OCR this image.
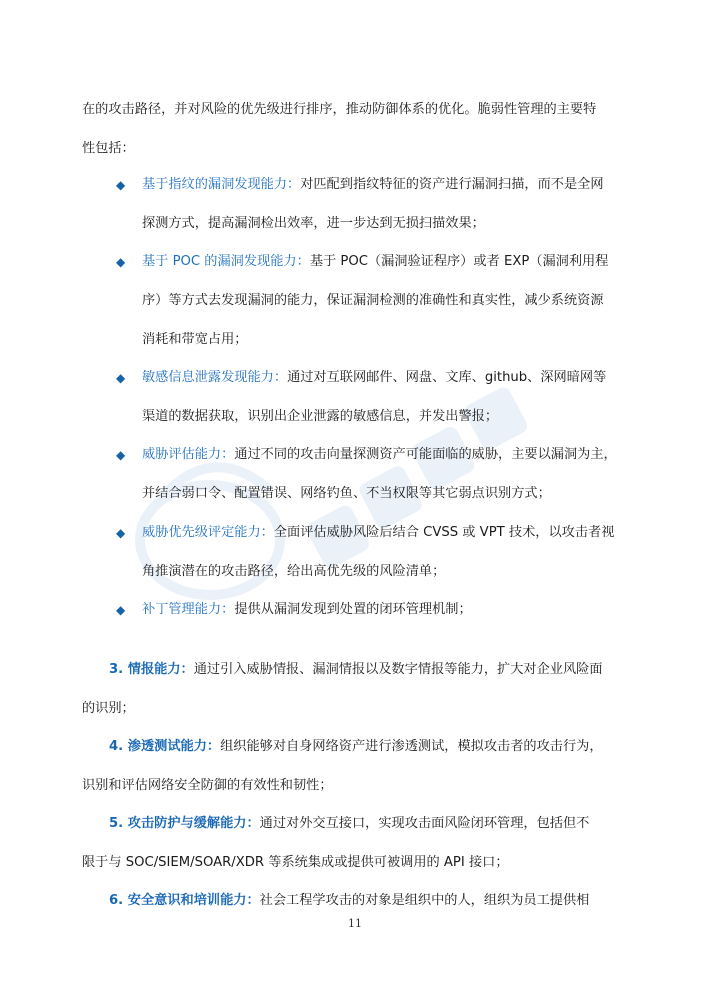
在的攻击路径，并对风险的优先级进行排序，推动防御体系的优化。脆弱性管理的主要特

性包括：

◆ 基于指纹的漏洞发现能力：对匹配到指纹特征的资产进行漏洞扫描，而不是全网

探测方式，提高漏洞检出效率，进一步达到无损扫描效果；

◆ 基于 POC 的漏洞发现能力：基于 POC（漏洞验证程序）或者 EXP（漏洞利用程

序）等方式去发现漏洞的能力，保证漏洞检测的准确性和真实性，减少系统资源

消耗和带宽占用；

◆ 敏感信息泄露发现能力：通过对互联网邮件、网盘、文库、github、深网暗网等

渠道的数据获取，识别出企业泄露的敏感信息，并发出警报；

◆ 威胁评估能力：通过不同的攻击向量探测资产可能面临的威胁，主要以漏洞为主，

并结合弱口令、配置错误、网络钓鱼、不当权限等其它弱点识别方式；

◆ 威胁优先级评定能力：全面评估威胁风险后结合 CVSS 或 VPT 技术，以攻击者视

角推演潜在的攻击路径，给出高优先级的风险清单；

◆ 补丁管理能力：提供从漏洞发现到处置的闭环管理机制；

3. 情报能力：通过引入威胁情报、漏洞情报以及数字情报等能力，扩大对企业风险面

的识别；

4. 渗透测试能力：组织能够对自身网络资产进行渗透测试，模拟攻击者的攻击行为，

识别和评估网络安全防御的有效性和韧性；

5. 攻击防护与缓解能力：通过对外交互接口，实现攻击面风险闭环管理，包括但不

限于与 SOC/SIEM/SOAR/XDR 等系统集成或提供可被调用的 API 接口；

6. 安全意识和培训能力：社会工程学攻击的对象是组织中的人，组织为员工提供相

11
